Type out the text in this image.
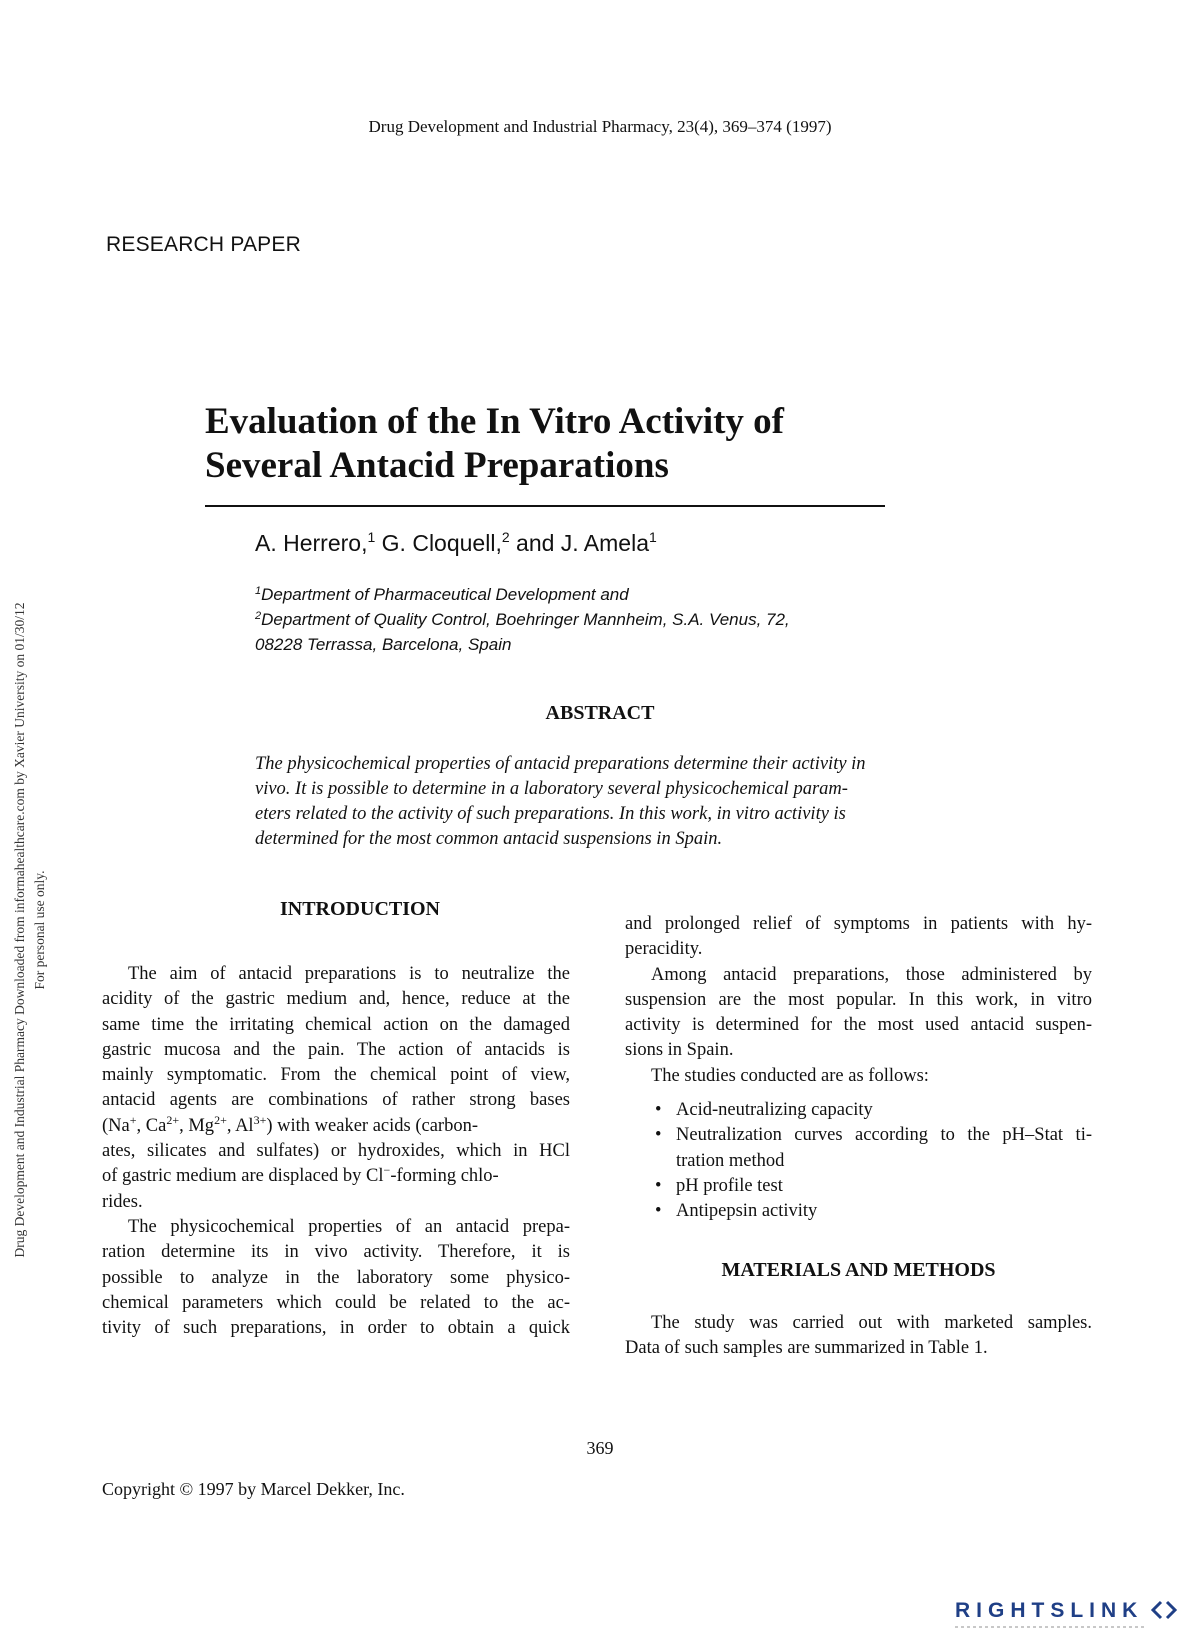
Drug Development and Industrial Pharmacy, 23(4), 369–374 (1997)
RESEARCH PAPER
Drug Development and Industrial Pharmacy Downloaded from informahealthcare.com by Xavier University on 01/30/12 For personal use only.
Evaluation of the In Vitro Activity of
Several Antacid Preparations
A. Herrero,$^1$ G. Cloquell,$^2$ and J. Amela$^1$
$^1$Department of Pharmaceutical Development and
$^2$Department of Quality Control, Boehringer Mannheim, S.A. Venus, 72,
08228 Terrassa, Barcelona, Spain
ABSTRACT
The physicochemical properties of antacid preparations determine their activity in
vivo. It is possible to determine in a laboratory several physicochemical param-
eters related to the activity of such preparations. In this work, in vitro activity is
determined for the most common antacid suspensions in Spain.
INTRODUCTION
The aim of antacid preparations is to neutralize the
acidity of the gastric medium and, hence, reduce at the
same time the irritating chemical action on the damaged
gastric mucosa and the pain. The action of antacids is
mainly symptomatic. From the chemical point of view,
antacid agents are combinations of rather strong bases
(Na+, $Ca^{2+}$, $Mg^{2+}$, $Al^{3+}$) with weaker acids (carbon-
ates, silicates and sulfates) or hydroxides, which in HCl
of gastric medium are displaced by Cl−-forming chlo-
rides.
The physicochemical properties of an antacid prepa-
ration determine its in vivo activity. Therefore, it is
possible to analyze in the laboratory some physico-
chemical parameters which could be related to the ac-
tivity of such preparations, in order to obtain a quick
and prolonged relief of symptoms in patients with hy-
peracidity.
Among antacid preparations, those administered by
suspension are the most popular. In this work, in vitro
activity is determined for the most used antacid suspen-
sions in Spain.
The studies conducted are as follows:
• Acid-neutralizing capacity
• Neutralization curves according to the pH–Stat ti-
tration method
• pH profile test
• Antipepsin activity
MATERIALS AND METHODS
The study was carried out with marketed samples.
Data of such samples are summarized in Table 1.
369
Copyright © 1997 by Marcel Dekker, Inc.
RIGHTSLINK
